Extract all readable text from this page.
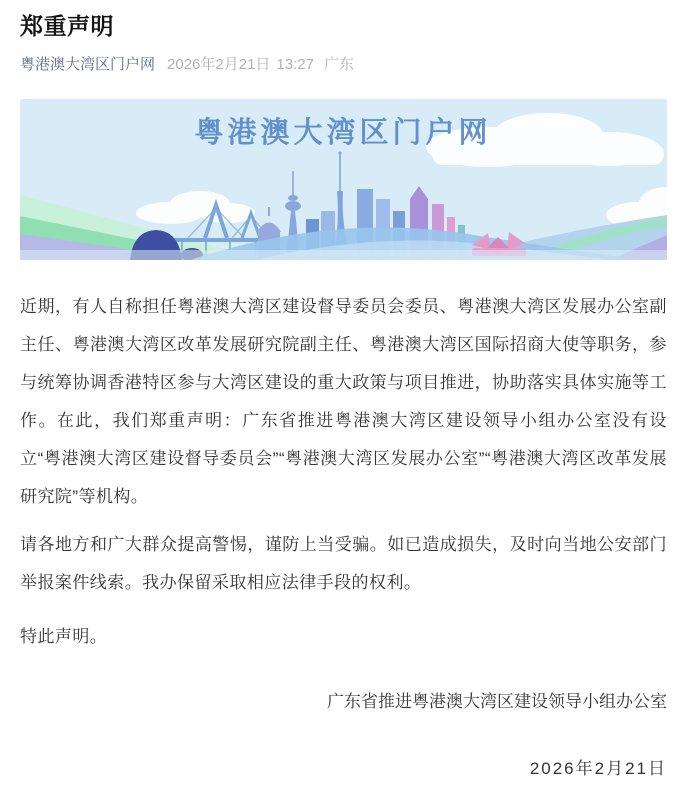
郑重声明
粤港澳大湾区门户网 2026年2月21日 13:27 广东
粤港澳大湾区门户网

近期，有人自称担任粤港澳大湾区建设督导委员会委员、粤港澳大湾区发展办公室副主任、粤港澳大湾区改革发展研究院副主任、粤港澳大湾区国际招商大使等职务，参与统筹协调香港特区参与大湾区建设的重大政策与项目推进，协助落实具体实施等工作。在此，我们郑重声明：广东省推进粤港澳大湾区建设领导小组办公室没有设立“粤港澳大湾区建设督导委员会”“粤港澳大湾区发展办公室”“粤港澳大湾区改革发展研究院”等机构。

请各地方和广大群众提高警惕，谨防上当受骗。如已造成损失，及时向当地公安部门举报案件线索。我办保留采取相应法律手段的权利。

特此声明。

广东省推进粤港澳大湾区建设领导小组办公室
2026年2月21日
